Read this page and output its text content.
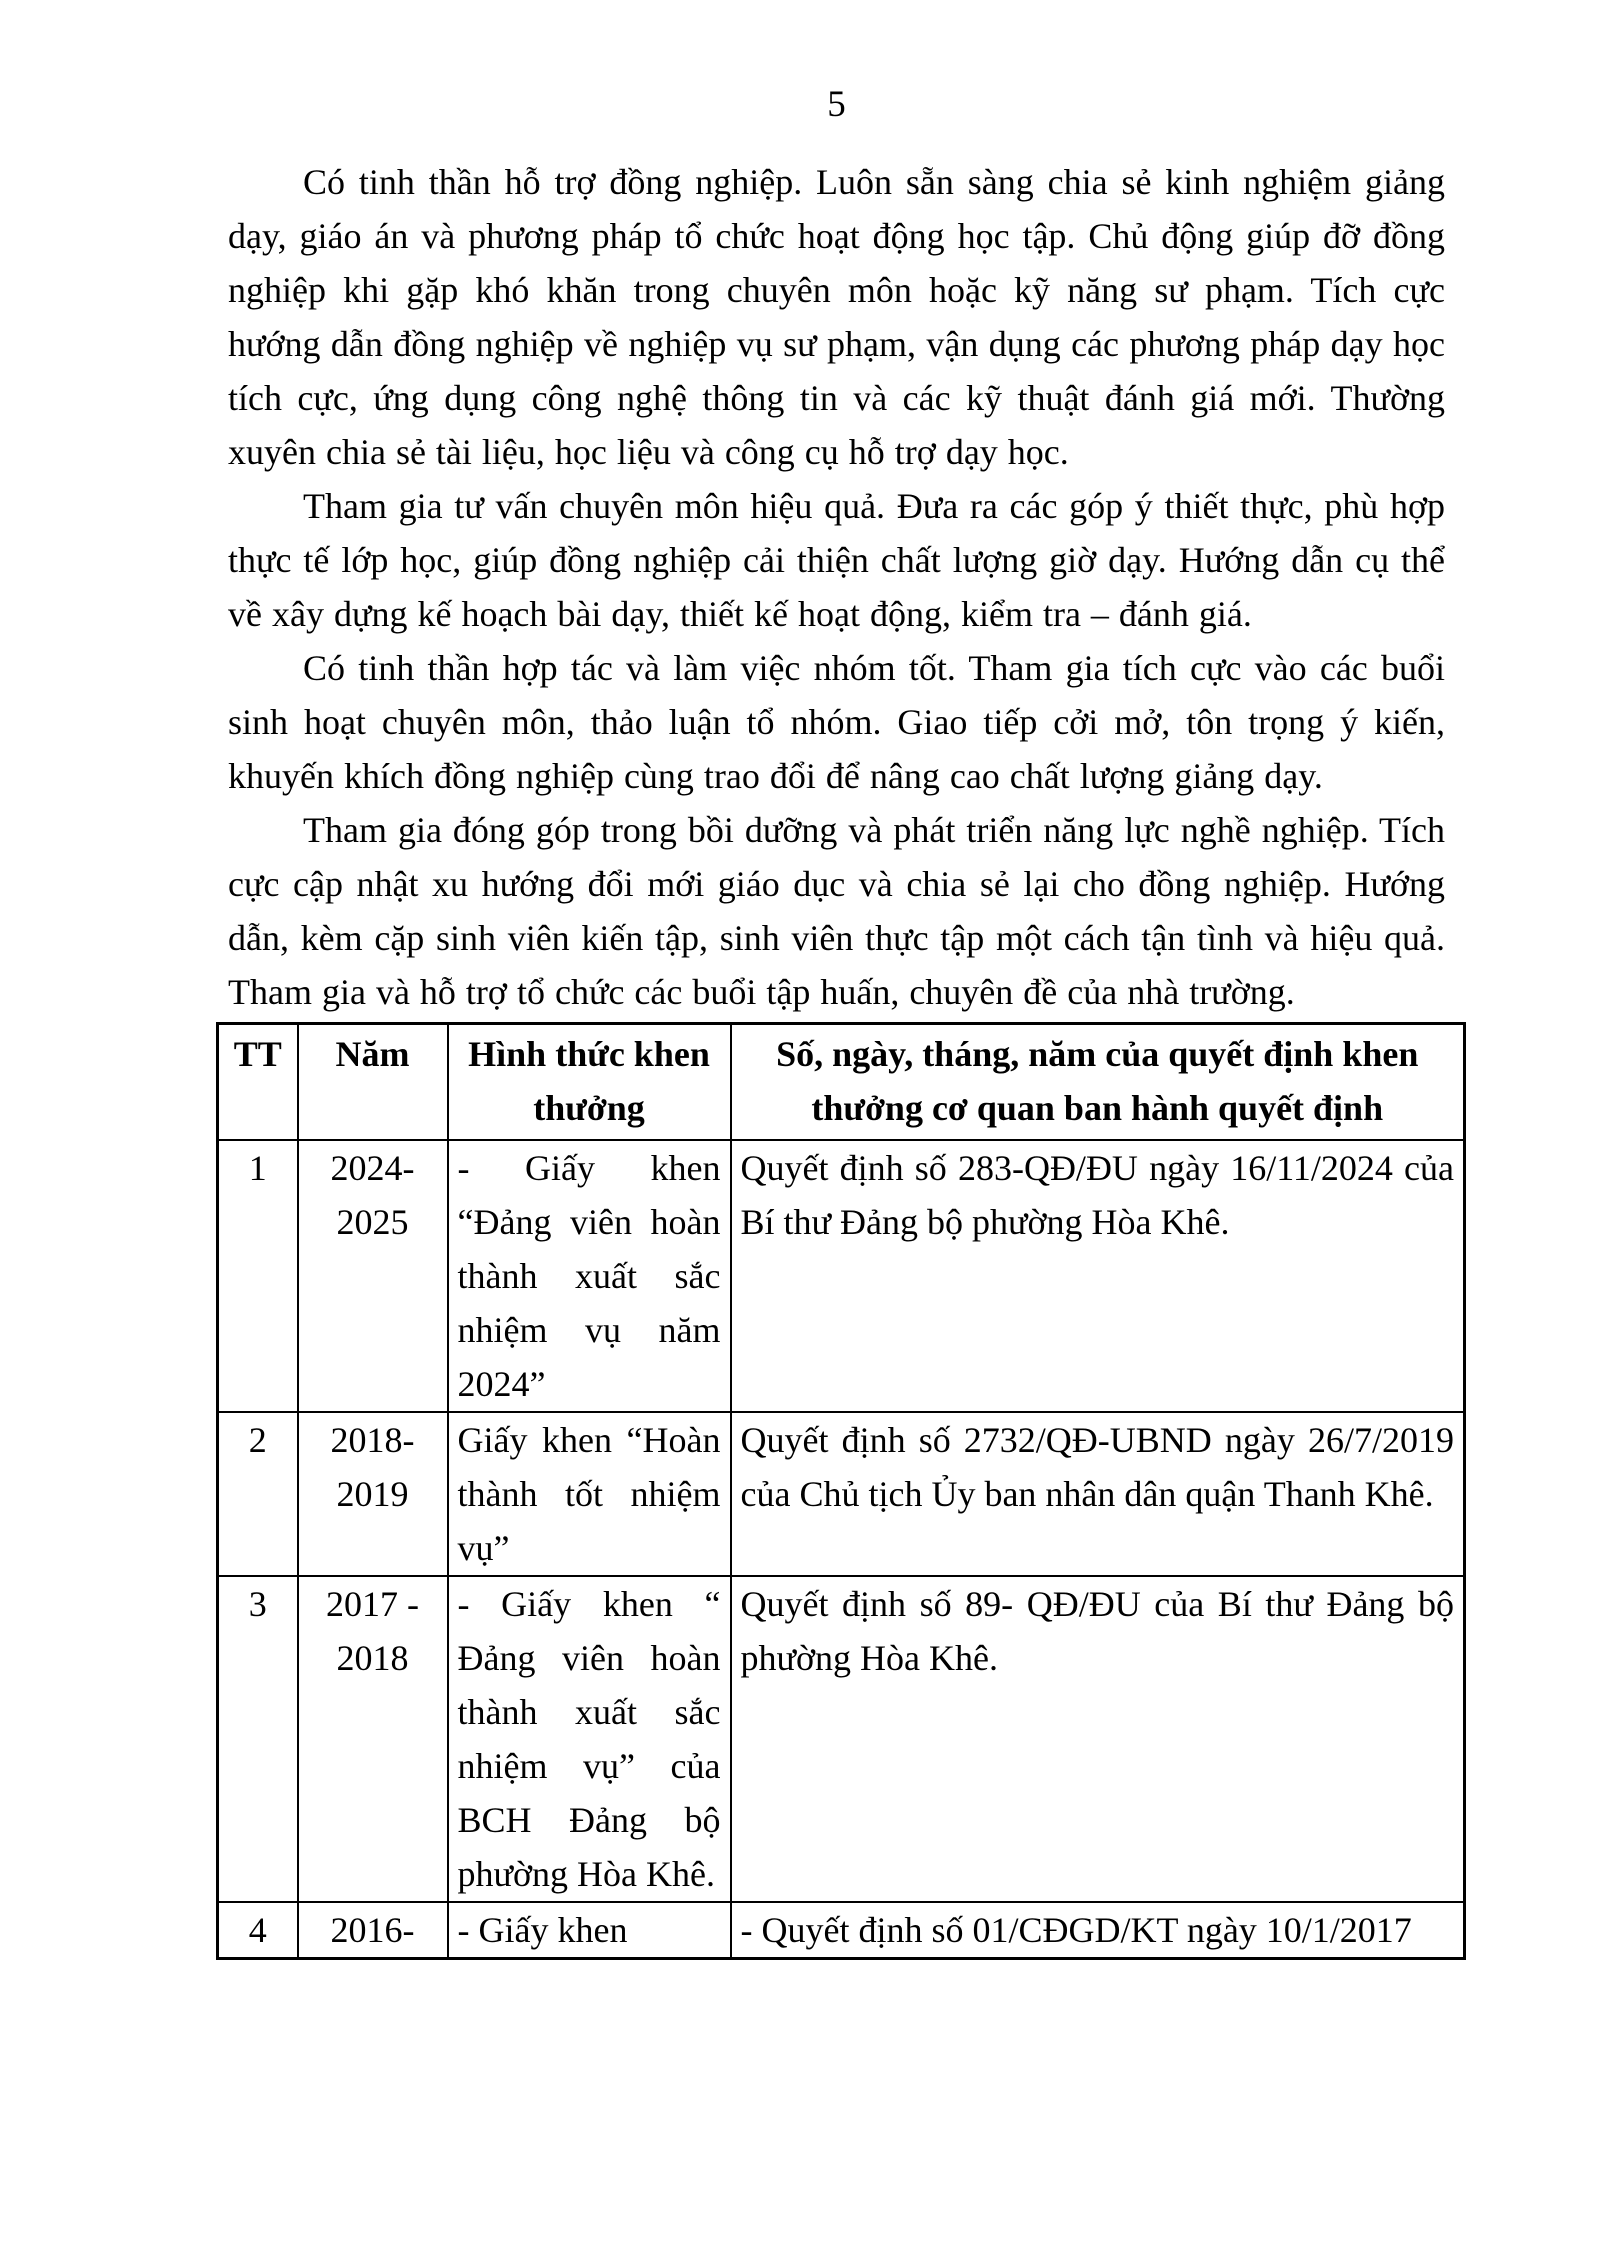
5

Có tinh thần hỗ trợ đồng nghiệp. Luôn sẵn sàng chia sẻ kinh nghiệm giảng dạy, giáo án và phương pháp tổ chức hoạt động học tập. Chủ động giúp đỡ đồng nghiệp khi gặp khó khăn trong chuyên môn hoặc kỹ năng sư phạm. Tích cực hướng dẫn đồng nghiệp về nghiệp vụ sư phạm, vận dụng các phương pháp dạy học tích cực, ứng dụng công nghệ thông tin và các kỹ thuật đánh giá mới. Thường xuyên chia sẻ tài liệu, học liệu và công cụ hỗ trợ dạy học.

Tham gia tư vấn chuyên môn hiệu quả. Đưa ra các góp ý thiết thực, phù hợp thực tế lớp học, giúp đồng nghiệp cải thiện chất lượng giờ dạy. Hướng dẫn cụ thể về xây dựng kế hoạch bài dạy, thiết kế hoạt động, kiểm tra – đánh giá.

Có tinh thần hợp tác và làm việc nhóm tốt. Tham gia tích cực vào các buổi sinh hoạt chuyên môn, thảo luận tổ nhóm. Giao tiếp cởi mở, tôn trọng ý kiến, khuyến khích đồng nghiệp cùng trao đổi để nâng cao chất lượng giảng dạy.

Tham gia đóng góp trong bồi dưỡng và phát triển năng lực nghề nghiệp. Tích cực cập nhật xu hướng đổi mới giáo dục và chia sẻ lại cho đồng nghiệp. Hướng dẫn, kèm cặp sinh viên kiến tập, sinh viên thực tập một cách tận tình và hiệu quả. Tham gia và hỗ trợ tổ chức các buổi tập huấn, chuyên đề của nhà trường.

TT	Năm	Hình thức khen thưởng	Số, ngày, tháng, năm của quyết định khen thưởng cơ quan ban hành quyết định
1	2024-2025	- Giấy khen “Đảng viên hoàn thành xuất sắc nhiệm vụ năm 2024”	Quyết định số 283-QĐ/ĐU ngày 16/11/2024 của Bí thư Đảng bộ phường Hòa Khê.
2	2018-2019	Giấy khen “Hoàn thành tốt nhiệm vụ”	Quyết định số 2732/QĐ-UBND ngày 26/7/2019 của Chủ tịch Ủy ban nhân dân quận Thanh Khê.
3	2017 - 2018	- Giấy khen “ Đảng viên hoàn thành xuất sắc nhiệm vụ” của BCH Đảng bộ phường Hòa Khê.	Quyết định số 89- QĐ/ĐU của Bí thư Đảng bộ phường Hòa Khê.
4	2016-	- Giấy khen	- Quyết định số 01/CĐGD/KT ngày 10/1/2017
